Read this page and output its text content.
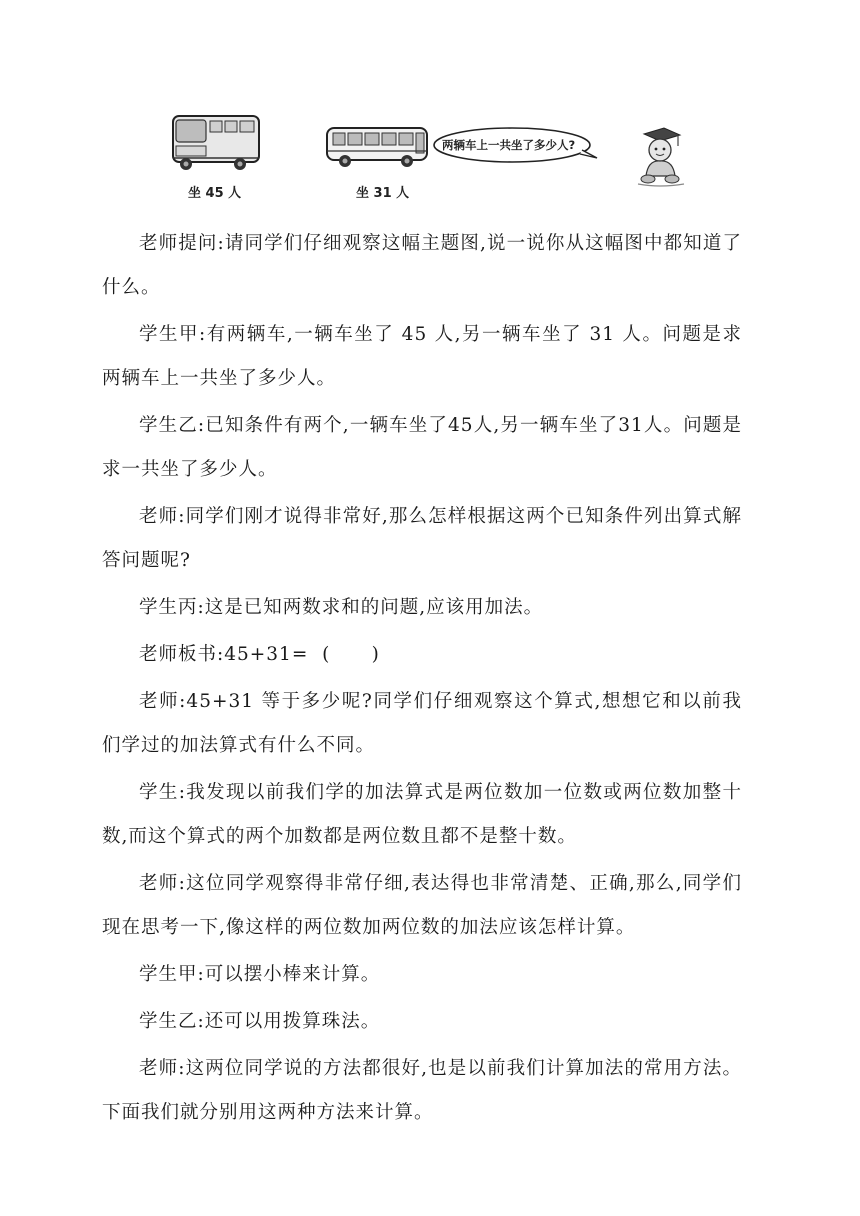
坐 45 人	坐 31 人
两辆车上一共坐了多少人?

老师提问:请同学们仔细观察这幅主题图,说一说你从这幅图中都知道了什么。

学生甲:有两辆车,一辆车坐了 45 人,另一辆车坐了 31 人。问题是求两辆车上一共坐了多少人。

学生乙:已知条件有两个,一辆车坐了45人,另一辆车坐了31人。问题是求一共坐了多少人。

老师:同学们刚才说得非常好,那么怎样根据这两个已知条件列出算式解答问题呢?

学生丙:这是已知两数求和的问题,应该用加法。

老师板书:45+31=  (      )

老师:45+31 等于多少呢?同学们仔细观察这个算式,想想它和以前我们学过的加法算式有什么不同。

学生:我发现以前我们学的加法算式是两位数加一位数或两位数加整十数,而这个算式的两个加数都是两位数且都不是整十数。

老师:这位同学观察得非常仔细,表达得也非常清楚、正确,那么,同学们现在思考一下,像这样的两位数加两位数的加法应该怎样计算。

学生甲:可以摆小棒来计算。

学生乙:还可以用拨算珠法。

老师:这两位同学说的方法都很好,也是以前我们计算加法的常用方法。下面我们就分别用这两种方法来计算。
